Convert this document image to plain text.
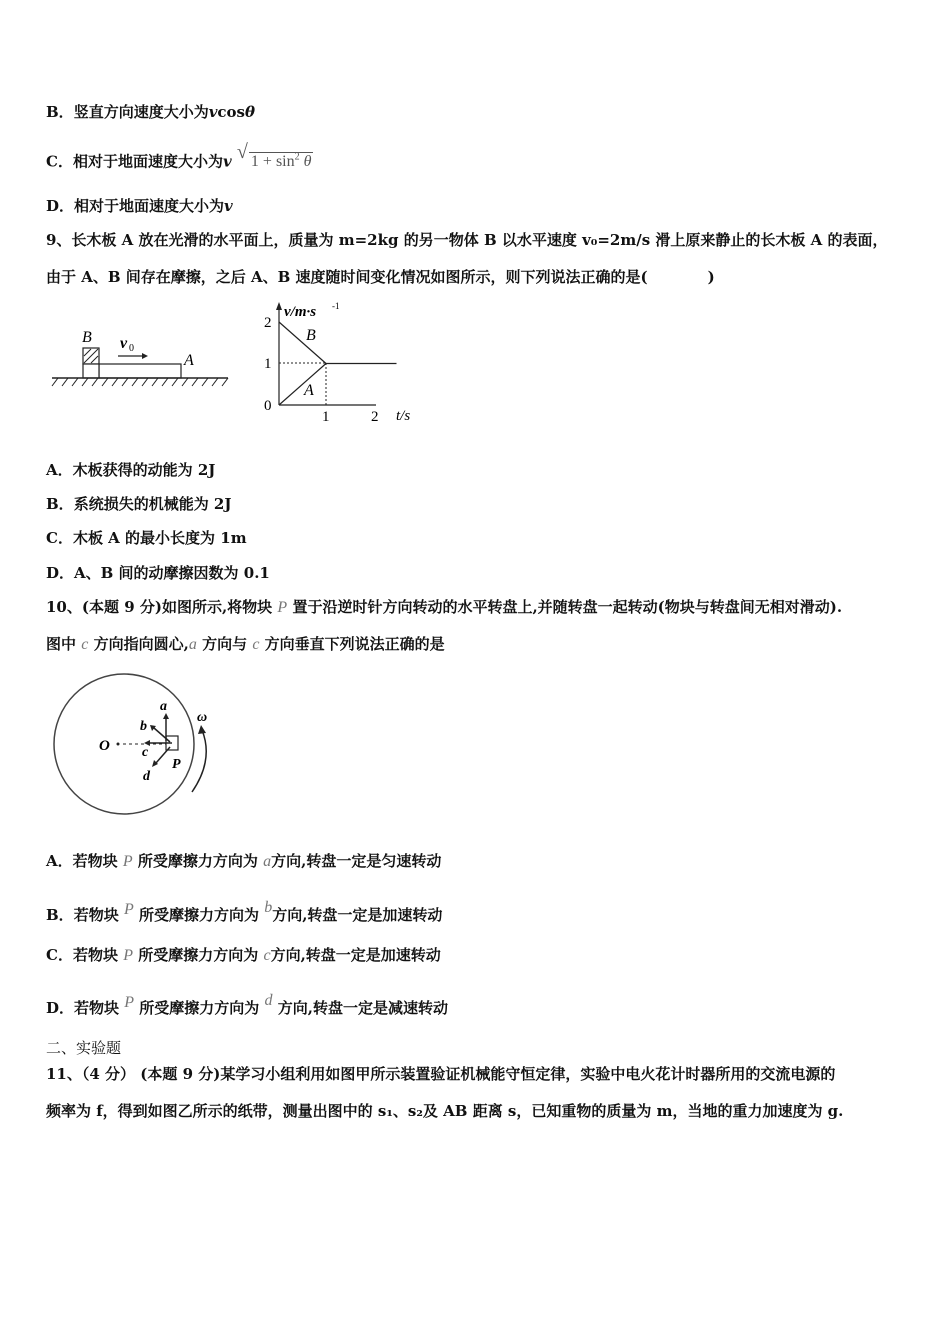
B．竖直方向速度大小为vcosθ
C．相对于地面速度大小为v √ $1 + \sin^2 \theta$
D．相对于地面速度大小为v
9、长木板 A 放在光滑的水平面上，质量为 m=2kg 的另一物体 B 以水平速度 v₀=2m/s 滑上原来静止的长木板 A 的表面，
由于 A、B 间存在摩擦，之后 A、B 速度随时间变化情况如图所示，则下列说法正确的是(　　　　)
B
A
v 0
v/m·s -1
t/s
2
1
0
1	2
B
A
A．木板获得的动能为 2J
B．系统损失的机械能为 2J
C．木板 A 的最小长度为 1m
D．A、B 间的动摩擦因数为 0.1
10、(本题 9 分)如图所示,将物块 P 置于沿逆时针方向转动的水平转盘上,并随转盘一起转动(物块与转盘间无相对滑动).
图中 c 方向指向圆心,a 方向与 c 方向垂直下列说法正确的是
O c
a
b
d
P
ω
A．若物块 P 所受摩擦力方向为 a方向,转盘一定是匀速转动
B．若物块 P 所受摩擦力方向为 b方向,转盘一定是加速转动
C．若物块 P 所受摩擦力方向为 c方向,转盘一定是加速转动
D．若物块 P 所受摩擦力方向为 d 方向,转盘一定是减速转动
二、实验题
11、（4 分） (本题 9 分)某学习小组利用如图甲所示装置验证机械能守恒定律，实验中电火花计时器所用的交流电源的
频率为 f，得到如图乙所示的纸带，测量出图中的 s₁、s₂及 AB 距离 s，已知重物的质量为 m，当地的重力加速度为 g.
